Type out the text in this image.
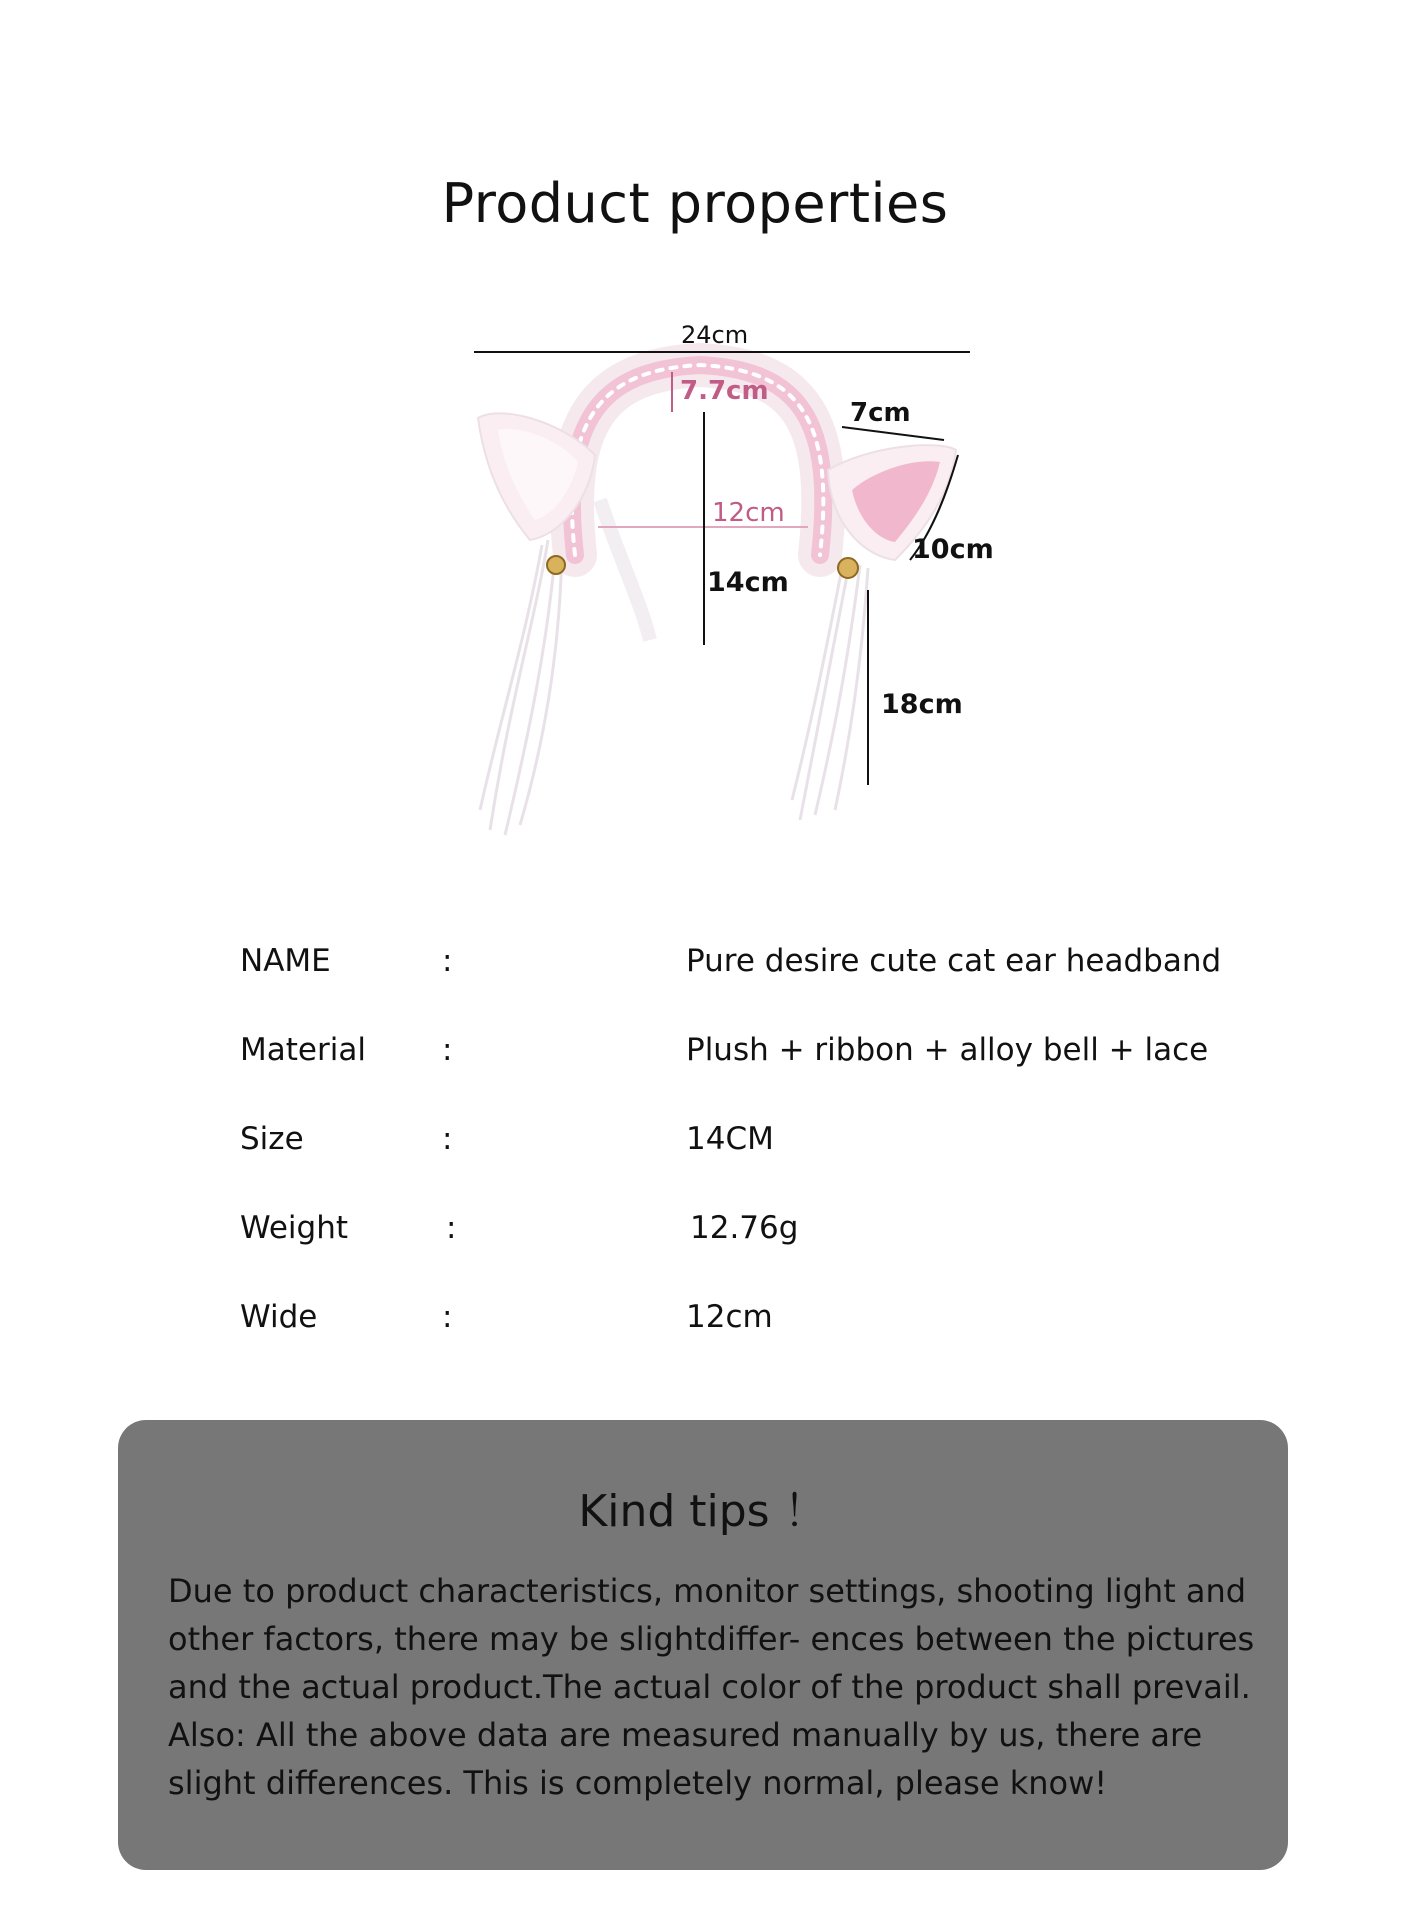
Product properties
24cm
7.7cm
7cm
12cm
10cm
14cm
18cm
NAME	:	Pure desire cute cat ear headband
Material :	Plush + ribbon + alloy bell + lace
Size	:	14CM
Weight	:	12.76g
Wide	:	12cm
Kind tips ！
Due to product characteristics, monitor settings, shooting light and other factors, there may be slightdiffer- ences between the pictures and the actual product.The actual color of the product shall prevail. Also: All the above data are measured manually by us, there are slight differences. This is completely normal, please know!
